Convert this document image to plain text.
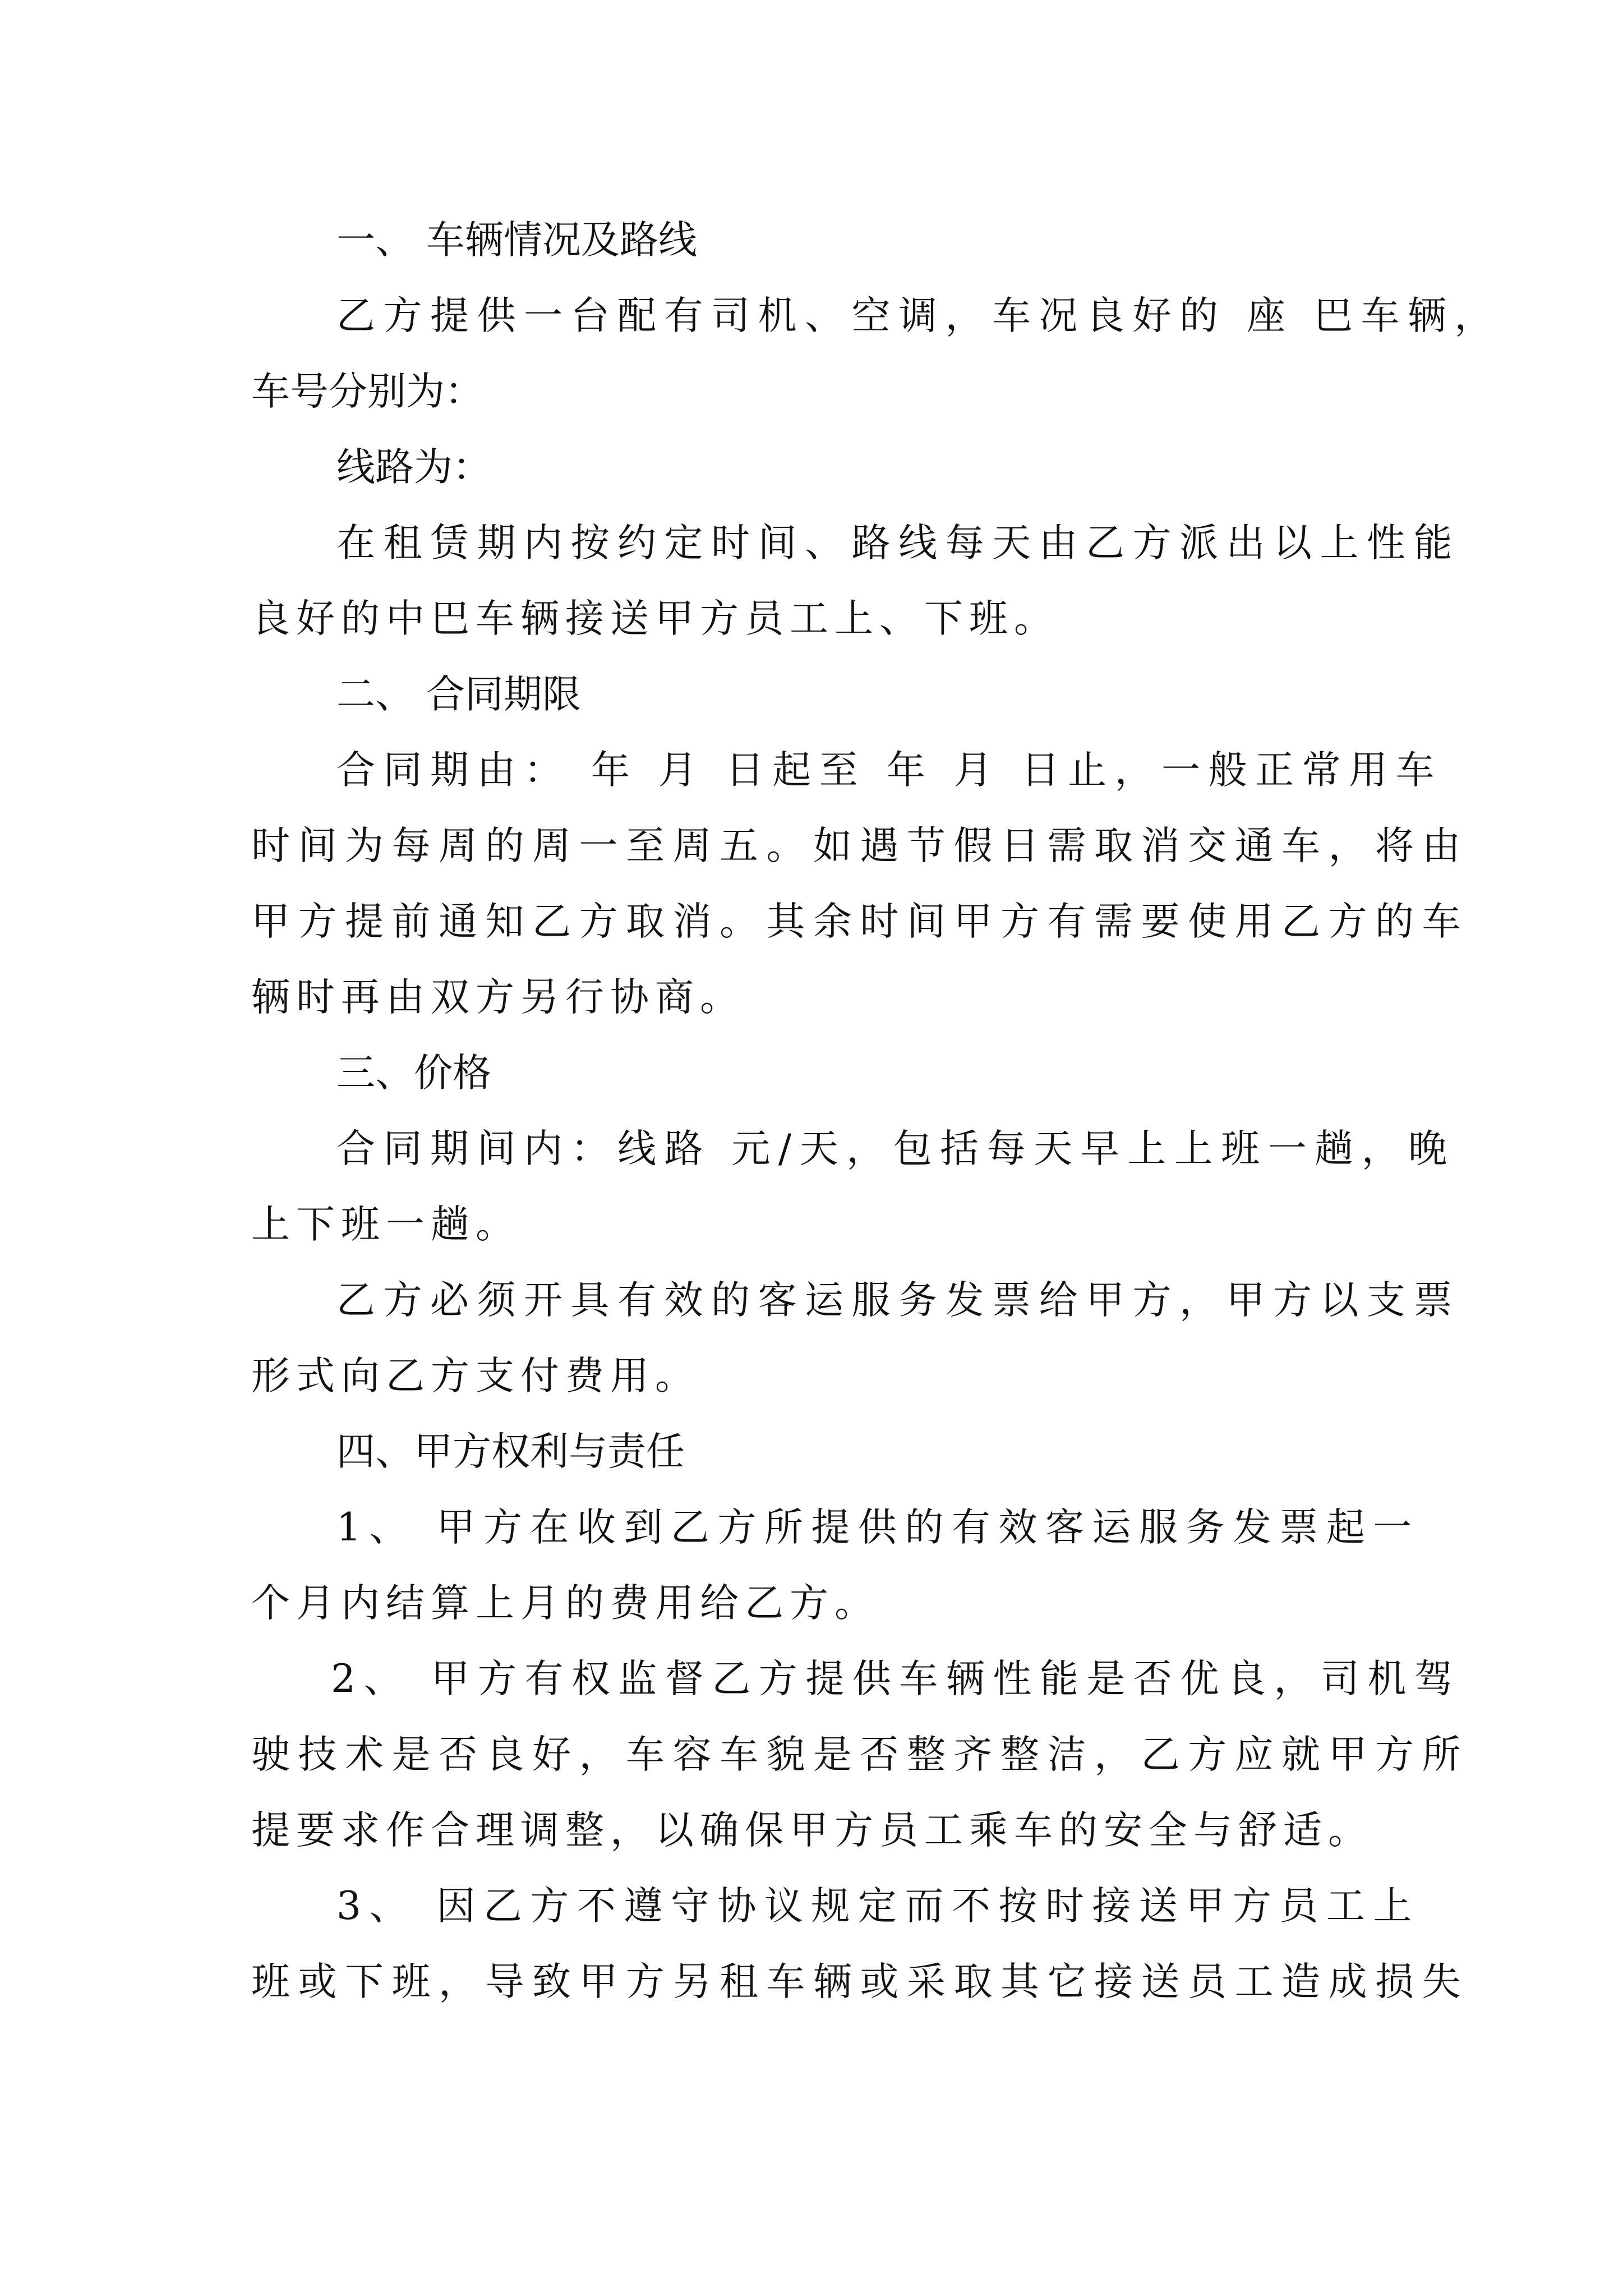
一、 车辆情况及路线

乙方提供一台配有司机、空调，车况良好的 座 巴车辆，

车号分别为：

线路为：

在租赁期内按约定时间、路线每天由乙方派出以上性能

良好的中巴车辆接送甲方员工上、下班。

二、 合同期限

合同期由： 年 月 日起至 年 月 日止，一般正常用车

时间为每周的周一至周五。如遇节假日需取消交通车，将由

甲方提前通知乙方取消。其余时间甲方有需要使用乙方的车

辆时再由双方另行协商。

三、价格

合同期间内：线路 元/天，包括每天早上上班一趟，晚

上下班一趟。

乙方必须开具有效的客运服务发票给甲方，甲方以支票

形式向乙方支付费用。

四、甲方权利与责任

1、 甲方在收到乙方所提供的有效客运服务发票起一

个月内结算上月的费用给乙方。

2、 甲方有权监督乙方提供车辆性能是否优良，司机驾

驶技术是否良好，车容车貌是否整齐整洁，乙方应就甲方所

提要求作合理调整，以确保甲方员工乘车的安全与舒适。

3、 因乙方不遵守协议规定而不按时接送甲方员工上

班或下班，导致甲方另租车辆或采取其它接送员工造成损失
